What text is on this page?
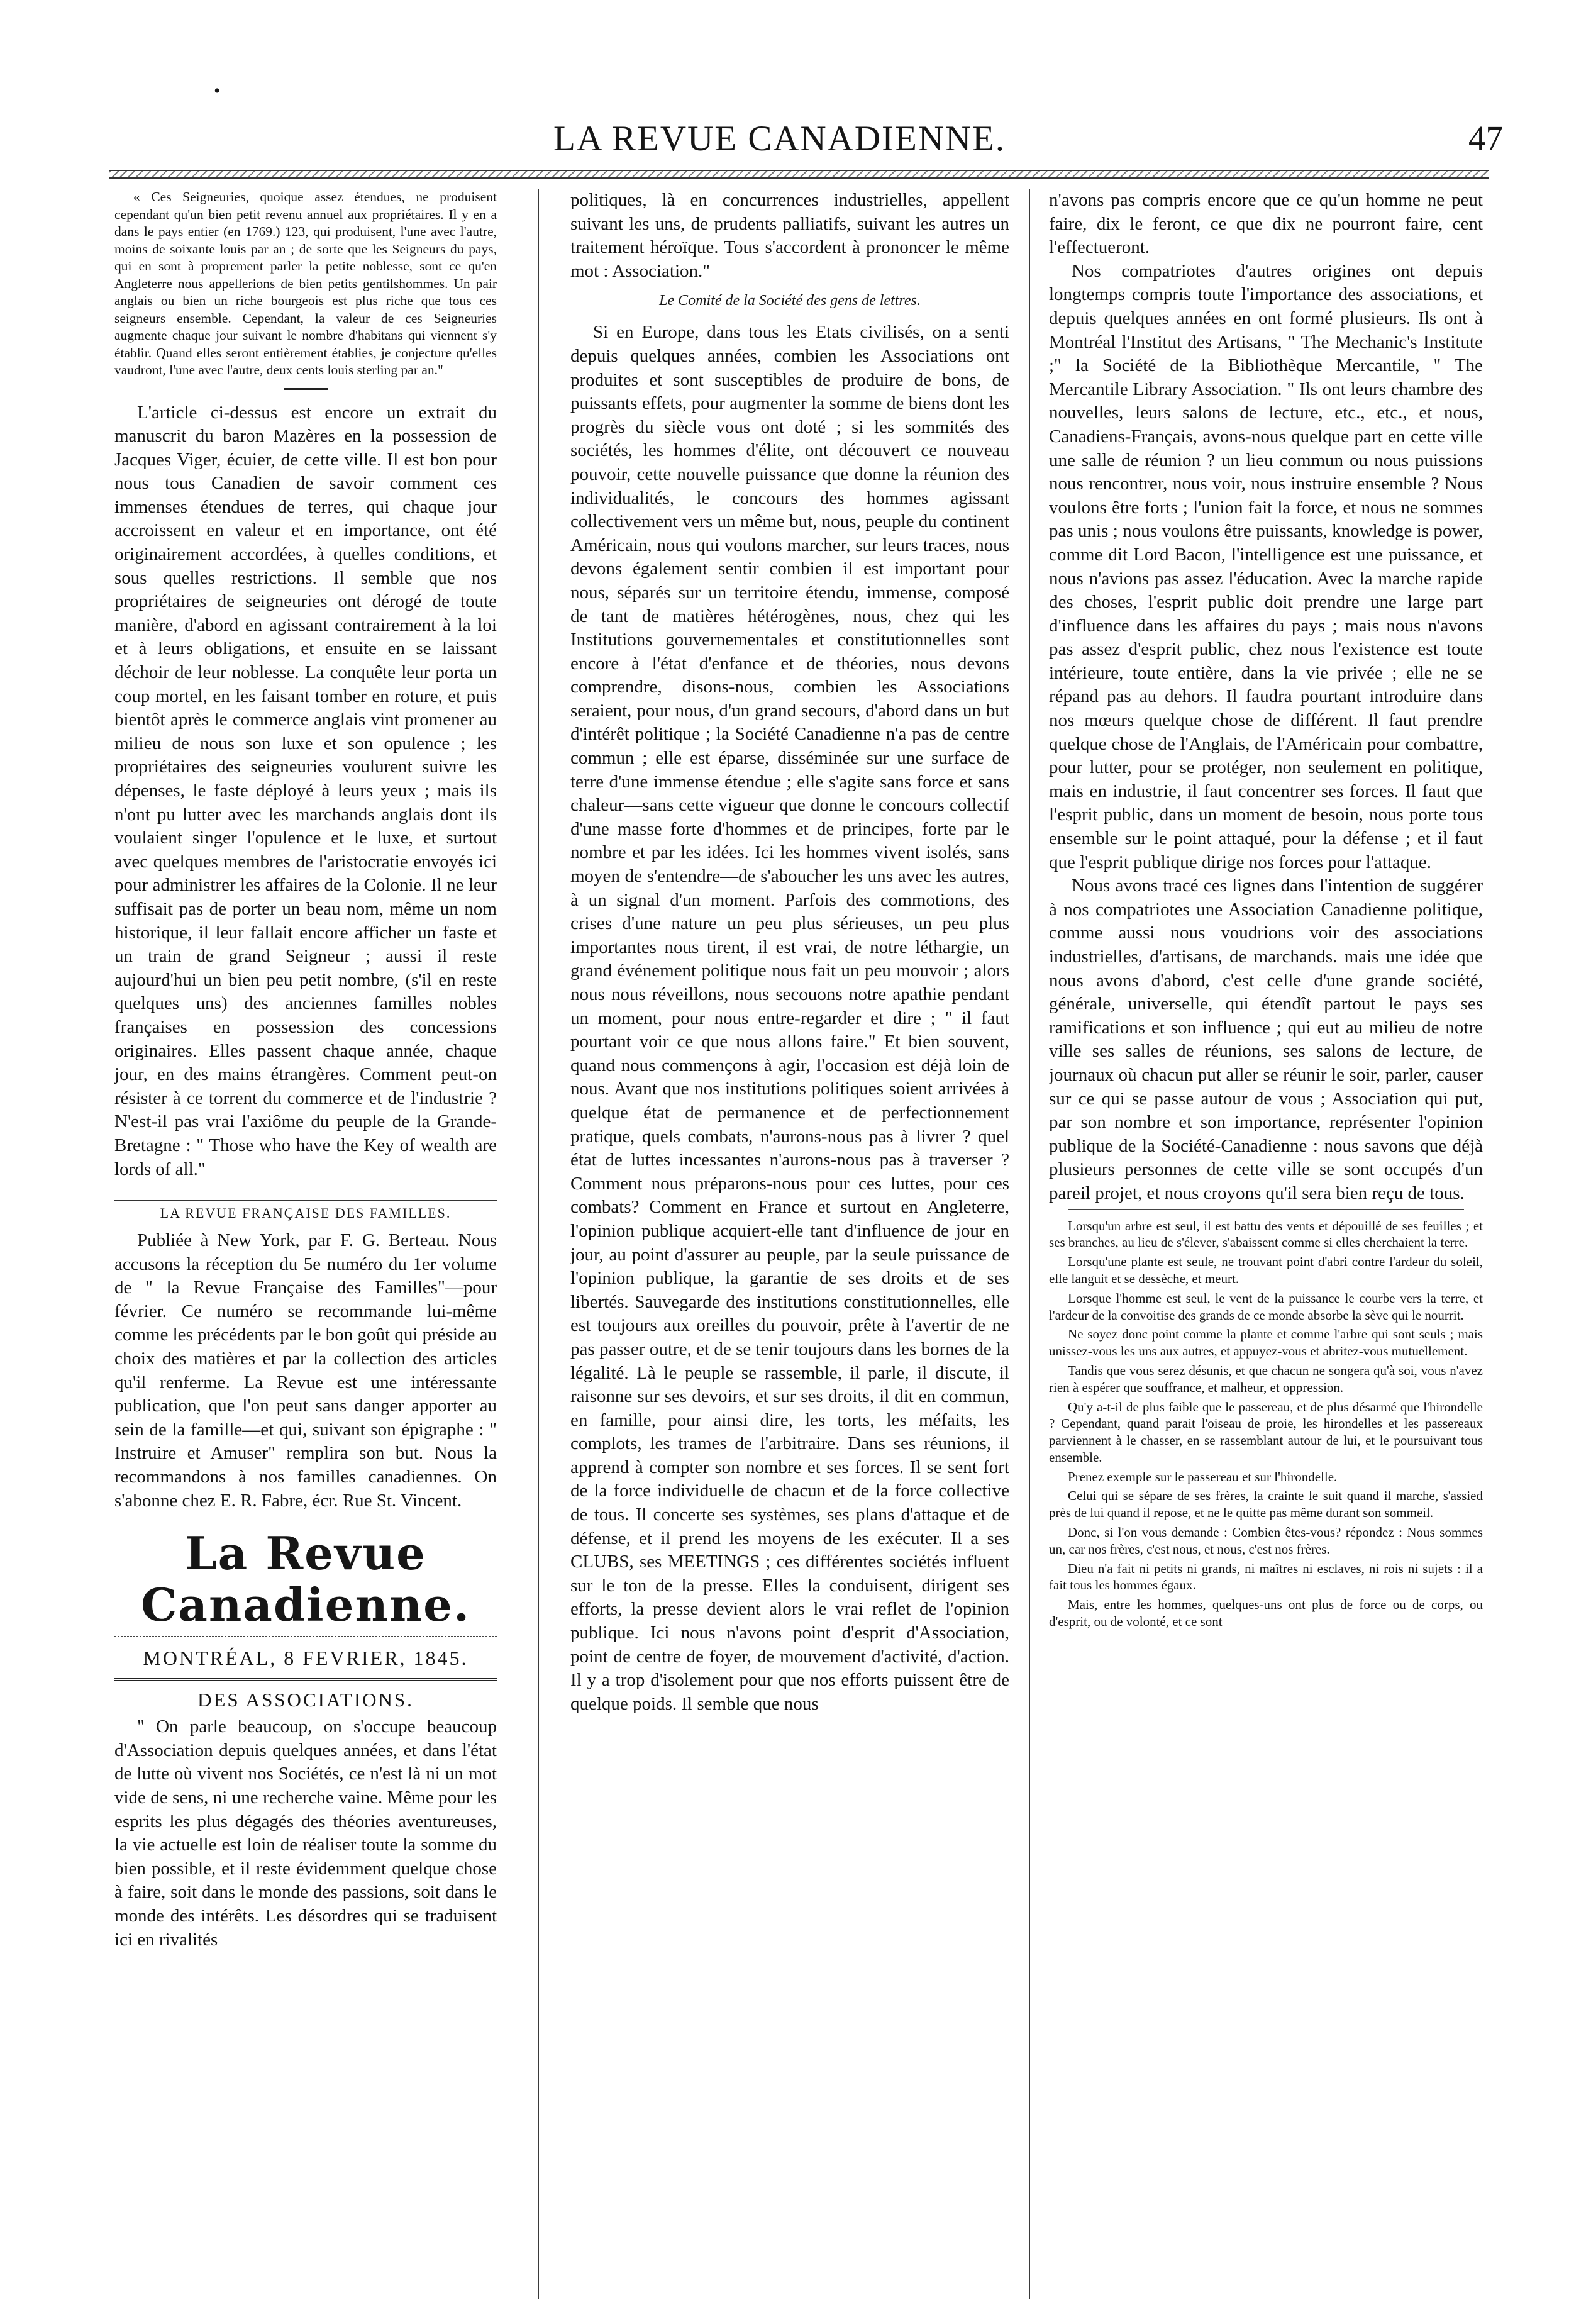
•
LA REVUE CANADIENNE.	47

« Ces Seigneuries, quoique assez étendues, ne produisent cependant qu'un bien petit revenu annuel aux propriétaires. Il y en a dans le pays entier (en 1769.) 123, qui produisent, l'une avec l'autre, moins de soixante louis par an ; de sorte que les Seigneurs du pays, qui en sont à proprement parler la petite noblesse, sont ce qu'en Angleterre nous appellerions de bien petits gentilshommes. Un pair anglais ou bien un riche bourgeois est plus riche que tous ces seigneurs ensemble. Cependant, la valeur de ces Seigneuries augmente chaque jour suivant le nombre d'habitans qui viennent s'y établir. Quand elles seront entièrement établies, je conjecture qu'elles vaudront, l'une avec l'autre, deux cents louis sterling par an."

L'article ci-dessus est encore un extrait du manuscrit du baron Mazères en la possession de Jacques Viger, écuier, de cette ville. Il est bon pour nous tous Canadien de savoir comment ces immenses étendues de terres, qui chaque jour accroissent en valeur et en importance, ont été originairement accordées, à quelles conditions, et sous quelles restrictions. Il semble que nos propriétaires de seigneuries ont dérogé de toute manière, d'abord en agissant contrairement à la loi et à leurs obligations, et ensuite en se laissant déchoir de leur noblesse. La conquête leur porta un coup mortel, en les faisant tomber en roture, et puis bientôt après le commerce anglais vint promener au milieu de nous son luxe et son opulence ; les propriétaires des seigneuries voulurent suivre les dépenses, le faste déployé à leurs yeux ; mais ils n'ont pu lutter avec les marchands anglais dont ils voulaient singer l'opulence et le luxe, et surtout avec quelques membres de l'aristocratie envoyés ici pour administrer les affaires de la Colonie. Il ne leur suffisait pas de porter un beau nom, même un nom historique, il leur fallait encore afficher un faste et un train de grand Seigneur ; aussi il reste aujourd'hui un bien peu petit nombre, (s'il en reste quelques uns) des anciennes familles nobles françaises en possession des concessions originaires. Elles passent chaque année, chaque jour, en des mains étrangères. Comment peut-on résister à ce torrent du commerce et de l'industrie ? N'est-il pas vrai l'axiôme du peuple de la Grande-Bretagne : " Those who have the Key of wealth are lords of all."

LA REVUE FRANÇAISE DES FAMILLES.

Publiée à New York, par F. G. Berteau. Nous accusons la réception du 5e numéro du 1er volume de " la Revue Française des Familles"—pour février. Ce numéro se recommande lui-même comme les précédents par le bon goût qui préside au choix des matières et par la collection des articles qu'il renferme. La Revue est une intéressante publication, que l'on peut sans danger apporter au sein de la famille—et qui, suivant son épigraphe : " Instruire et Amuser" remplira son but. Nous la recommandons à nos familles canadiennes. On s'abonne chez E. R. Fabre, écr. Rue St. Vincent.

La Revue Canadienne.
MONTRÉAL, 8 FEVRIER, 1845.
DES ASSOCIATIONS.

" On parle beaucoup, on s'occupe beaucoup d'Association depuis quelques années, et dans l'état de lutte où vivent nos Sociétés, ce n'est là ni un mot vide de sens, ni une recherche vaine. Même pour les esprits les plus dégagés des théories aventureuses, la vie actuelle est loin de réaliser toute la somme du bien possible, et il reste évidemment quelque chose à faire, soit dans le monde des passions, soit dans le monde des intérêts. Les désordres qui se traduisent ici en rivalités

politiques, là en concurrences industrielles, appellent suivant les uns, de prudents palliatifs, suivant les autres un traitement héroïque. Tous s'accordent à prononcer le même mot : Association."

Le Comité de la Société des gens de lettres.

Si en Europe, dans tous les Etats civilisés, on a senti depuis quelques années, combien les Associations ont produites et sont susceptibles de produire de bons, de puissants effets, pour augmenter la somme de biens dont les progrès du siècle vous ont doté ; si les sommités des sociétés, les hommes d'élite, ont découvert ce nouveau pouvoir, cette nouvelle puissance que donne la réunion des individualités, le concours des hommes agissant collectivement vers un même but, nous, peuple du continent Américain, nous qui voulons marcher, sur leurs traces, nous devons également sentir combien il est important pour nous, séparés sur un territoire étendu, immense, composé de tant de matières hétérogènes, nous, chez qui les Institutions gouvernementales et constitutionnelles sont encore à l'état d'enfance et de théories, nous devons comprendre, disons-nous, combien les Associations seraient, pour nous, d'un grand secours, d'abord dans un but d'intérêt politique ; la Société Canadienne n'a pas de centre commun ; elle est éparse, disséminée sur une surface de terre d'une immense étendue ; elle s'agite sans force et sans chaleur—sans cette vigueur que donne le concours collectif d'une masse forte d'hommes et de principes, forte par le nombre et par les idées. Ici les hommes vivent isolés, sans moyen de s'entendre—de s'aboucher les uns avec les autres, à un signal d'un moment. Parfois des commotions, des crises d'une nature un peu plus sérieuses, un peu plus importantes nous tirent, il est vrai, de notre léthargie, un grand événement politique nous fait un peu mouvoir ; alors nous nous réveillons, nous secouons notre apathie pendant un moment, pour nous entre-regarder et dire ; " il faut pourtant voir ce que nous allons faire." Et bien souvent, quand nous commençons à agir, l'occasion est déjà loin de nous. Avant que nos institutions politiques soient arrivées à quelque état de permanence et de perfectionnement pratique, quels combats, n'aurons-nous pas à livrer ? quel état de luttes incessantes n'aurons-nous pas à traverser ? Comment nous préparons-nous pour ces luttes, pour ces combats? Comment en France et surtout en Angleterre, l'opinion publique acquiert-elle tant d'influence de jour en jour, au point d'assurer au peuple, par la seule puissance de l'opinion publique, la garantie de ses droits et de ses libertés. Sauvegarde des institutions constitutionnelles, elle est toujours aux oreilles du pouvoir, prête à l'avertir de ne pas passer outre, et de se tenir toujours dans les bornes de la légalité. Là le peuple se rassemble, il parle, il discute, il raisonne sur ses devoirs, et sur ses droits, il dit en commun, en famille, pour ainsi dire, les torts, les méfaits, les complots, les trames de l'arbitraire. Dans ses réunions, il apprend à compter son nombre et ses forces. Il se sent fort de la force individuelle de chacun et de la force collective de tous. Il concerte ses systèmes, ses plans d'attaque et de défense, et il prend les moyens de les exécuter. Il a ses CLUBS, ses MEETINGS ; ces différentes sociétés influent sur le ton de la presse. Elles la conduisent, dirigent ses efforts, la presse devient alors le vrai reflet de l'opinion publique. Ici nous n'avons point d'esprit d'Association, point de centre de foyer, de mouvement d'activité, d'action. Il y a trop d'isolement pour que nos efforts puissent être de quelque poids. Il semble que nous

n'avons pas compris encore que ce qu'un homme ne peut faire, dix le feront, ce que dix ne pourront faire, cent l'effectueront.

Nos compatriotes d'autres origines ont depuis longtemps compris toute l'importance des associations, et depuis quelques années en ont formé plusieurs. Ils ont à Montréal l'Institut des Artisans, " The Mechanic's Institute ;" la Société de la Bibliothèque Mercantile, " The Mercantile Library Association. " Ils ont leurs chambre des nouvelles, leurs salons de lecture, etc., etc., et nous, Canadiens-Français, avons-nous quelque part en cette ville une salle de réunion ? un lieu commun ou nous puissions nous rencontrer, nous voir, nous instruire ensemble ? Nous voulons être forts ; l'union fait la force, et nous ne sommes pas unis ; nous voulons être puissants, knowledge is power, comme dit Lord Bacon, l'intelligence est une puissance, et nous n'avions pas assez l'éducation. Avec la marche rapide des choses, l'esprit public doit prendre une large part d'influence dans les affaires du pays ; mais nous n'avons pas assez d'esprit public, chez nous l'existence est toute intérieure, toute entière, dans la vie privée ; elle ne se répand pas au dehors. Il faudra pourtant introduire dans nos mœurs quelque chose de différent. Il faut prendre quelque chose de l'Anglais, de l'Américain pour combattre, pour lutter, pour se protéger, non seulement en politique, mais en industrie, il faut concentrer ses forces. Il faut que l'esprit public, dans un moment de besoin, nous porte tous ensemble sur le point attaqué, pour la défense ; et il faut que l'esprit publique dirige nos forces pour l'attaque.

Nous avons tracé ces lignes dans l'intention de suggérer à nos compatriotes une Association Canadienne politique, comme aussi nous voudrions voir des associations industrielles, d'artisans, de marchands. mais une idée que nous avons d'abord, c'est celle d'une grande société, générale, universelle, qui étendît partout le pays ses ramifications et son influence ; qui eut au milieu de notre ville ses salles de réunions, ses salons de lecture, de journaux où chacun put aller se réunir le soir, parler, causer sur ce qui se passe autour de vous ; Association qui put, par son nombre et son importance, représenter l'opinion publique de la Société-Canadienne : nous savons que déjà plusieurs personnes de cette ville se sont occupés d'un pareil projet, et nous croyons qu'il sera bien reçu de tous.

Lorsqu'un arbre est seul, il est battu des vents et dépouillé de ses feuilles ; et ses branches, au lieu de s'élever, s'abaissent comme si elles cherchaient la terre.

Lorsqu'une plante est seule, ne trouvant point d'abri contre l'ardeur du soleil, elle languit et se dessèche, et meurt.

Lorsque l'homme est seul, le vent de la puissance le courbe vers la terre, et l'ardeur de la convoitise des grands de ce monde absorbe la sève qui le nourrit.

Ne soyez donc point comme la plante et comme l'arbre qui sont seuls ; mais unissez-vous les uns aux autres, et appuyez-vous et abritez-vous mutuellement.

Tandis que vous serez désunis, et que chacun ne songera qu'à soi, vous n'avez rien à espérer que souffrance, et malheur, et oppression.

Qu'y a-t-il de plus faible que le passereau, et de plus désarmé que l'hirondelle ? Cependant, quand parait l'oiseau de proie, les hirondelles et les passereaux parviennent à le chasser, en se rassemblant autour de lui, et le poursuivant tous ensemble.

Prenez exemple sur le passereau et sur l'hirondelle.

Celui qui se sépare de ses frères, la crainte le suit quand il marche, s'assied près de lui quand il repose, et ne le quitte pas même durant son sommeil.

Donc, si l'on vous demande : Combien êtes-vous? répondez : Nous sommes un, car nos frères, c'est nous, et nous, c'est nos frères.

Dieu n'a fait ni petits ni grands, ni maîtres ni esclaves, ni rois ni sujets : il a fait tous les hommes égaux.

Mais, entre les hommes, quelques-uns ont plus de force ou de corps, ou d'esprit, ou de volonté, et ce sont
